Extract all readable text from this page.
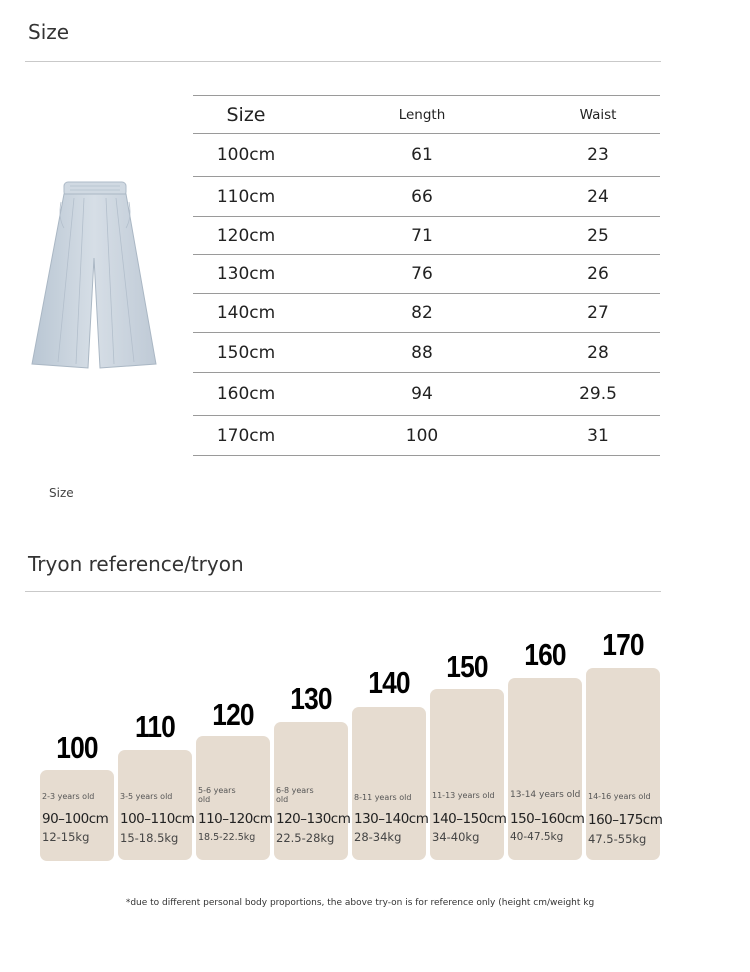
Size
Size	Length	Waist
100cm	61	23
110cm	66	24
120cm	71	25
130cm	76	26
140cm	82	27
150cm	88	28
160cm	94	29.5
170cm	100	31
Size
Tryon reference/tryon
100
2-3 years old
90–100cm
12-15kg
110
3-5 years old
100–110cm
15-18.5kg
120
5-6 years old
110–120cm
18.5-22.5kg
130
6-8 years old
120–130cm
22.5-28kg
140
8-11 years old
130–140cm
28-34kg
150
11-13 years old
140–150cm
34-40kg
160
13-14 years old
150–160cm
40-47.5kg
170
14-16 years old
160–175cm
47.5-55kg
*due to different personal body proportions, the above try-on is for reference only (height cm/weight kg
